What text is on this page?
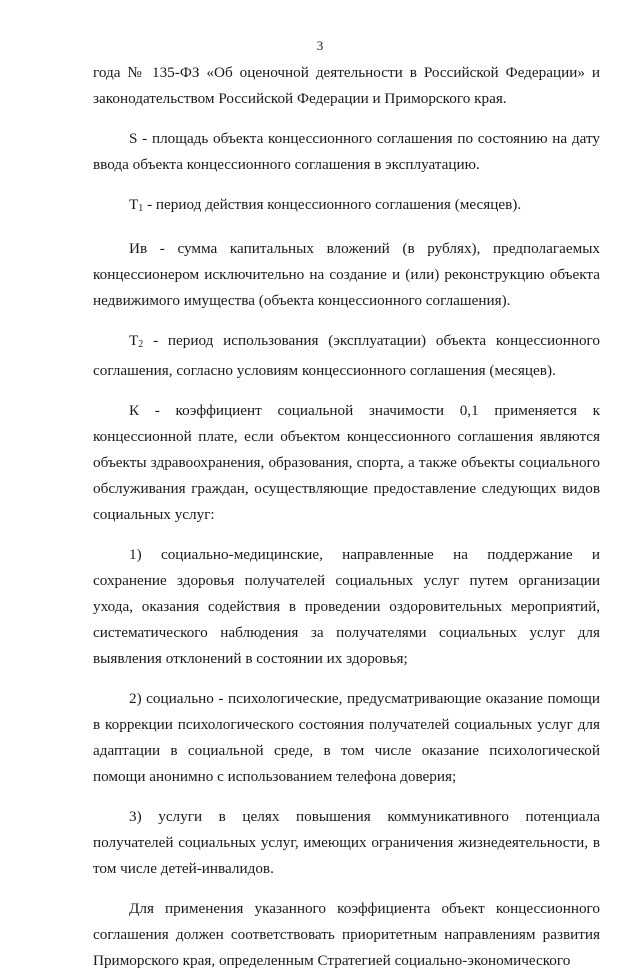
3

года № 135-ФЗ «Об оценочной деятельности в Российской Федерации» и законодательством Российской Федерации и Приморского края.

S - площадь объекта концессионного соглашения по состоянию на дату ввода объекта концессионного соглашения в эксплуатацию.

$T_1$ - период действия концессионного соглашения (месяцев).

Ив - сумма капитальных вложений (в рублях), предполагаемых концессионером исключительно на создание и (или) реконструкцию объекта недвижимого имущества (объекта концессионного соглашения).

$T_2$ - период использования (эксплуатации) объекта концессионного соглашения, согласно условиям концессионного соглашения (месяцев).

К - коэффициент социальной значимости 0,1 применяется к концессионной плате, если объектом концессионного соглашения являются объекты здравоохранения, образования, спорта, а также объекты социального обслуживания граждан, осуществляющие предоставление следующих видов социальных услуг:

1) социально-медицинские, направленные на поддержание и сохранение здоровья получателей социальных услуг путем организации ухода, оказания содействия в проведении оздоровительных мероприятий, систематического наблюдения за получателями социальных услуг для выявления отклонений в состоянии их здоровья;

2) социально - психологические, предусматривающие оказание помощи в коррекции психологического состояния получателей социальных услуг для адаптации в социальной среде, в том числе оказание психологической помощи анонимно с использованием телефона доверия;

3) услуги в целях повышения коммуникативного потенциала получателей социальных услуг, имеющих ограничения жизнедеятельности, в том числе детей-инвалидов.

Для применения указанного коэффициента объект концессионного соглашения должен соответствовать приоритетным направлениям развития Приморского края, определенным Стратегией социально-экономического
